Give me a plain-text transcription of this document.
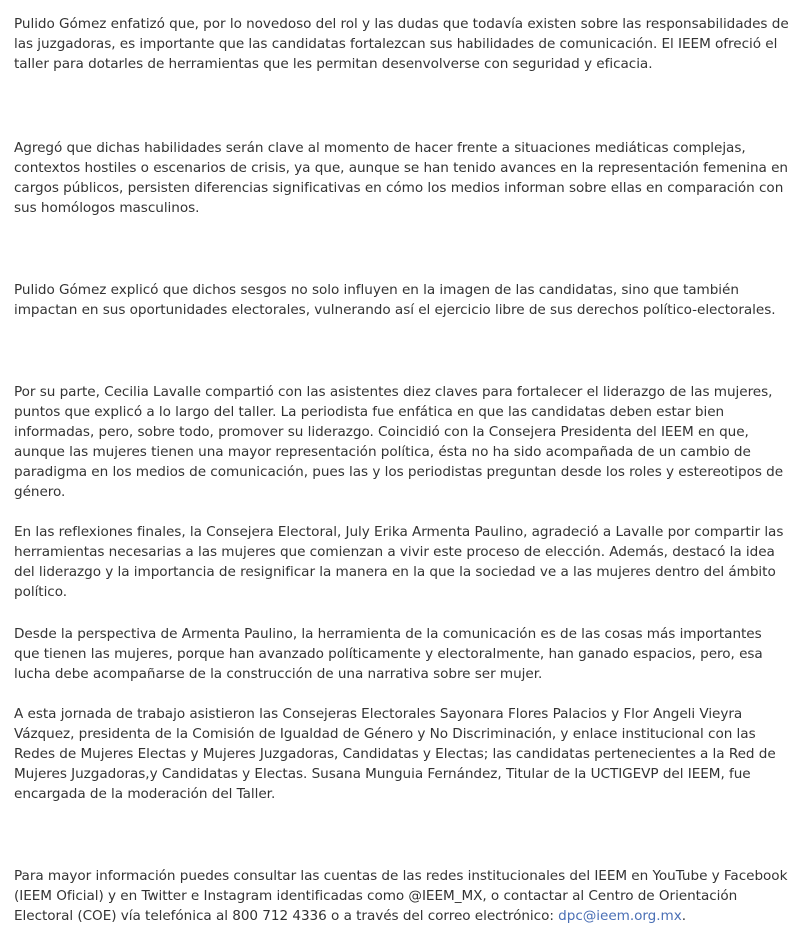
Pulido Gómez enfatizó que, por lo novedoso del rol y las dudas que todavía existen sobre las responsabilidades de las juzgadoras, es importante que las candidatas fortalezcan sus habilidades de comunicación. El IEEM ofreció el taller para dotarles de herramientas que les permitan desenvolverse con seguridad y eficacia.

Agregó que dichas habilidades serán clave al momento de hacer frente a situaciones mediáticas complejas, contextos hostiles o escenarios de crisis, ya que, aunque se han tenido avances en la representación femenina en cargos públicos, persisten diferencias significativas en cómo los medios informan sobre ellas en comparación con sus homólogos masculinos.

Pulido Gómez explicó que dichos sesgos no solo influyen en la imagen de las candidatas, sino que también impactan en sus oportunidades electorales, vulnerando así el ejercicio libre de sus derechos político-electorales.

Por su parte, Cecilia Lavalle compartió con las asistentes diez claves para fortalecer el liderazgo de las mujeres, puntos que explicó a lo largo del taller. La periodista fue enfática en que las candidatas deben estar bien informadas, pero, sobre todo, promover su liderazgo. Coincidió con la Consejera Presidenta del IEEM en que, aunque las mujeres tienen una mayor representación política, ésta no ha sido acompañada de un cambio de paradigma en los medios de comunicación, pues las y los periodistas preguntan desde los roles y estereotipos de género.

En las reflexiones finales, la Consejera Electoral, July Erika Armenta Paulino, agradeció a Lavalle por compartir las herramientas necesarias a las mujeres que comienzan a vivir este proceso de elección. Además, destacó la idea del liderazgo y la importancia de resignificar la manera en la que la sociedad ve a las mujeres dentro del ámbito político.

Desde la perspectiva de Armenta Paulino, la herramienta de la comunicación es de las cosas más importantes que tienen las mujeres, porque han avanzado políticamente y electoralmente, han ganado espacios, pero, esa lucha debe acompañarse de la construcción de una narrativa sobre ser mujer.

A esta jornada de trabajo asistieron las Consejeras Electorales Sayonara Flores Palacios y Flor Angeli Vieyra Vázquez, presidenta de la Comisión de Igualdad de Género y No Discriminación, y enlace institucional con las Redes de Mujeres Electas y Mujeres Juzgadoras, Candidatas y Electas; las candidatas pertenecientes a la Red de Mujeres Juzgadoras,y Candidatas y Electas. Susana Munguia Fernández, Titular de la UCTIGEVP del IEEM, fue encargada de la moderación del Taller.

Para mayor información puedes consultar las cuentas de las redes institucionales del IEEM en YouTube y Facebook (IEEM Oficial) y en Twitter e Instagram identificadas como @IEEM_MX, o contactar al Centro de Orientación Electoral (COE) vía telefónica al 800 712 4336 o a través del correo electrónico: dpc@ieem.org.mx.
